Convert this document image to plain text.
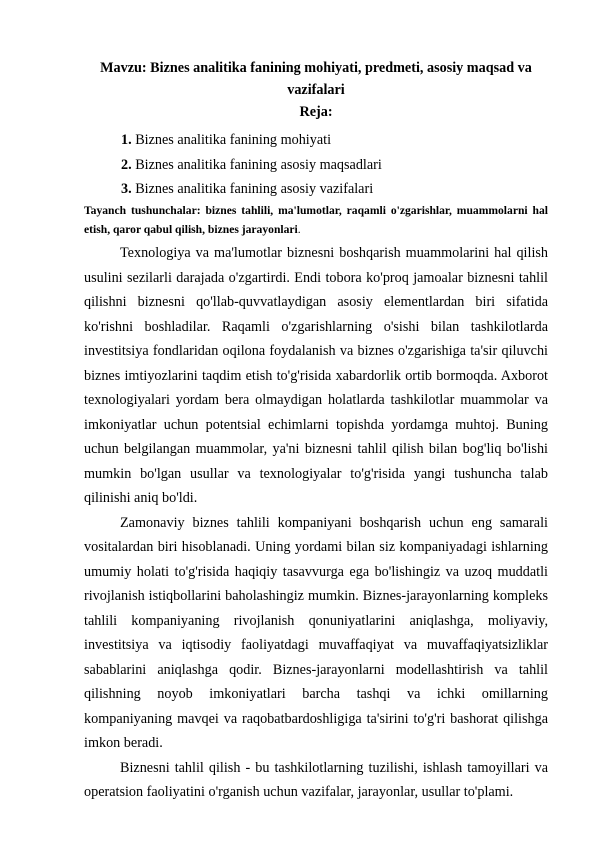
Mavzu: Biznes analitika fanining mohiyati, predmeti, asosiy maqsad va vazifalari
Reja:
1. Biznes analitika fanining mohiyati
2. Biznes analitika fanining asosiy maqsadlari
3. Biznes analitika fanining asosiy vazifalari
Tayanch tushunchalar: biznes tahlili, ma'lumotlar, raqamli o'zgarishlar, muammolarni hal etish, qaror qabul qilish, biznes jarayonlari.

Texnologiya va ma'lumotlar biznesni boshqarish muammolarini hal qilish usulini sezilarli darajada o'zgartirdi. Endi tobora ko'proq jamoalar biznesni tahlil qilishni biznesni qo'llab-quvvatlaydigan asosiy elementlardan biri sifatida ko'rishni boshladilar. Raqamli o'zgarishlarning o'sishi bilan tashkilotlarda investitsiya fondlaridan oqilona foydalanish va biznes o'zgarishiga ta'sir qiluvchi biznes imtiyozlarini taqdim etish to'g'risida xabardorlik ortib bormoqda. Axborot texnologiyalari yordam bera olmaydigan holatlarda tashkilotlar muammolar va imkoniyatlar uchun potentsial echimlarni topishda yordamga muhtoj. Buning uchun belgilangan muammolar, ya'ni biznesni tahlil qilish bilan bog'liq bo'lishi mumkin bo'lgan usullar va texnologiyalar to'g'risida yangi tushuncha talab qilinishi aniq bo'ldi.

Zamonaviy biznes tahlili kompaniyani boshqarish uchun eng samarali vositalardan biri hisoblanadi. Uning yordami bilan siz kompaniyadagi ishlarning umumiy holati to'g'risida haqiqiy tasavvurga ega bo'lishingiz va uzoq muddatli rivojlanish istiqbollarini baholashingiz mumkin. Biznes-jarayonlarning kompleks tahlili kompaniyaning rivojlanish qonuniyatlarini aniqlashga, moliyaviy, investitsiya va iqtisodiy faoliyatdagi muvaffaqiyat va muvaffaqiyatsizliklar sabablarini aniqlashga qodir. Biznes-jarayonlarni modellashtirish va tahlil qilishning noyob imkoniyatlari barcha tashqi va ichki omillarning kompaniyaning mavqei va raqobatbardoshligiga ta'sirini to'g'ri bashorat qilishga imkon beradi.

Biznesni tahlil qilish - bu tashkilotlarning tuzilishi, ishlash tamoyillari va operatsion faoliyatini o'rganish uchun vazifalar, jarayonlar, usullar to'plami.
